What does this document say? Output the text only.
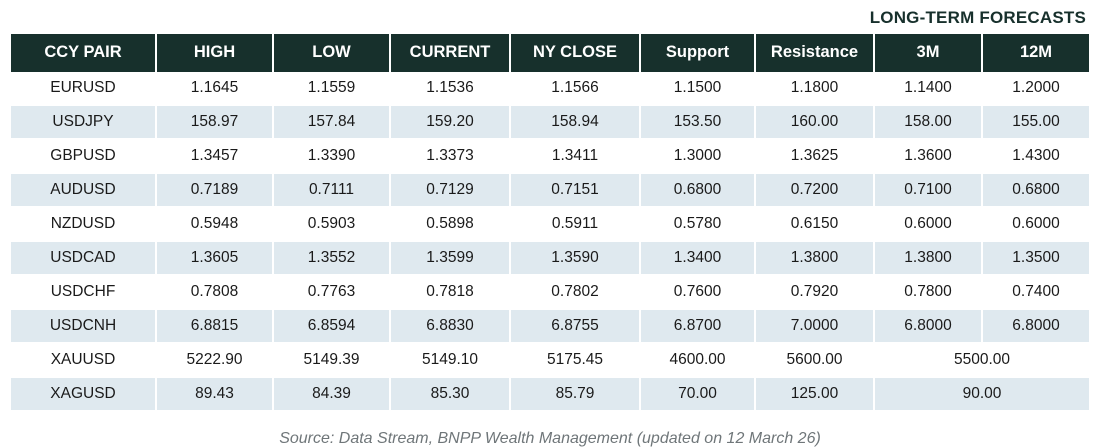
LONG-TERM FORECASTS
CCY PAIR	HIGH	LOW	CURRENT	NY CLOSE	Support	Resistance	3M	12M
EURUSD	1.1645	1.1559	1.1536	1.1566	1.1500	1.1800	1.1400	1.2000
USDJPY	158.97	157.84	159.20	158.94	153.50	160.00	158.00	155.00
GBPUSD	1.3457	1.3390	1.3373	1.3411	1.3000	1.3625	1.3600	1.4300
AUDUSD	0.7189	0.7111	0.7129	0.7151	0.6800	0.7200	0.7100	0.6800
NZDUSD	0.5948	0.5903	0.5898	0.5911	0.5780	0.6150	0.6000	0.6000
USDCAD	1.3605	1.3552	1.3599	1.3590	1.3400	1.3800	1.3800	1.3500
USDCHF	0.7808	0.7763	0.7818	0.7802	0.7600	0.7920	0.7800	0.7400
USDCNH	6.8815	6.8594	6.8830	6.8755	6.8700	7.0000	6.8000	6.8000
XAUUSD	5222.90	5149.39	5149.10	5175.45	4600.00	5600.00	5500.00	
XAGUSD	89.43	84.39	85.30	85.79	70.00	125.00	90.00	
Source: Data Stream, BNPP Wealth Management (updated on 12 March 26)
